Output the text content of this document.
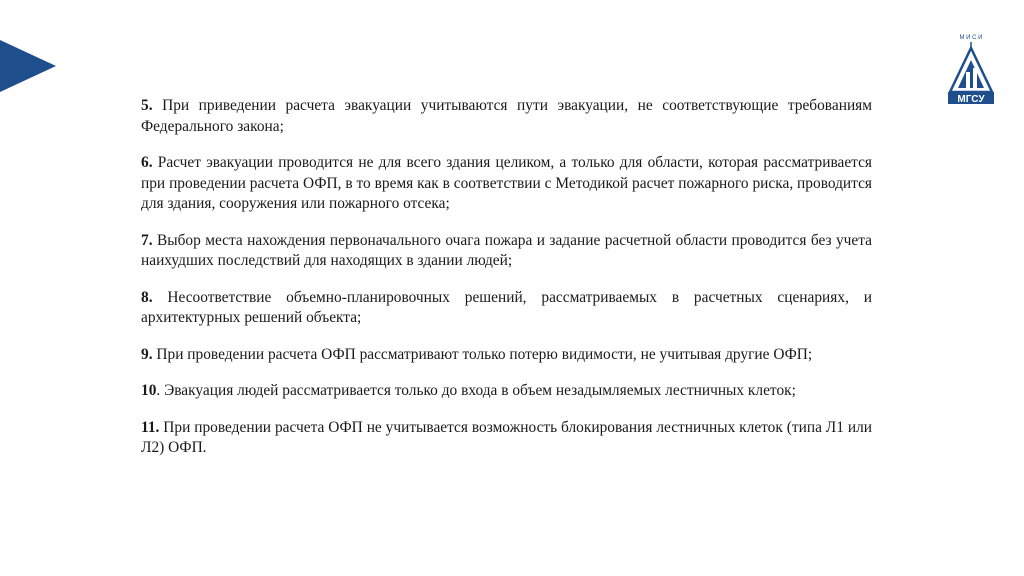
М И С И
МГСУ

5. При приведении расчета эвакуации учитываются пути эвакуации, не соответствующие требованиям Федерального закона;

6. Расчет эвакуации проводится не для всего здания целиком, а только для области, которая рассматривается при проведении расчета ОФП, в то время как в соответствии с Методикой расчет пожарного риска, проводится для здания, сооружения или пожарного отсека;

7. Выбор места нахождения первоначального очага пожара и задание расчетной области проводится без учета наихудших последствий для находящих в здании людей;

8. Несоответствие объемно-планировочных решений, рассматриваемых в расчетных сценариях, и архитектурных решений объекта;

9. При проведении расчета ОФП рассматривают только потерю видимости, не учитывая другие ОФП;

10. Эвакуация людей рассматривается только до входа в объем незадымляемых лестничных клеток;

11. При проведении расчета ОФП не учитывается возможность блокирования лестничных клеток (типа Л1 или Л2) ОФП.
